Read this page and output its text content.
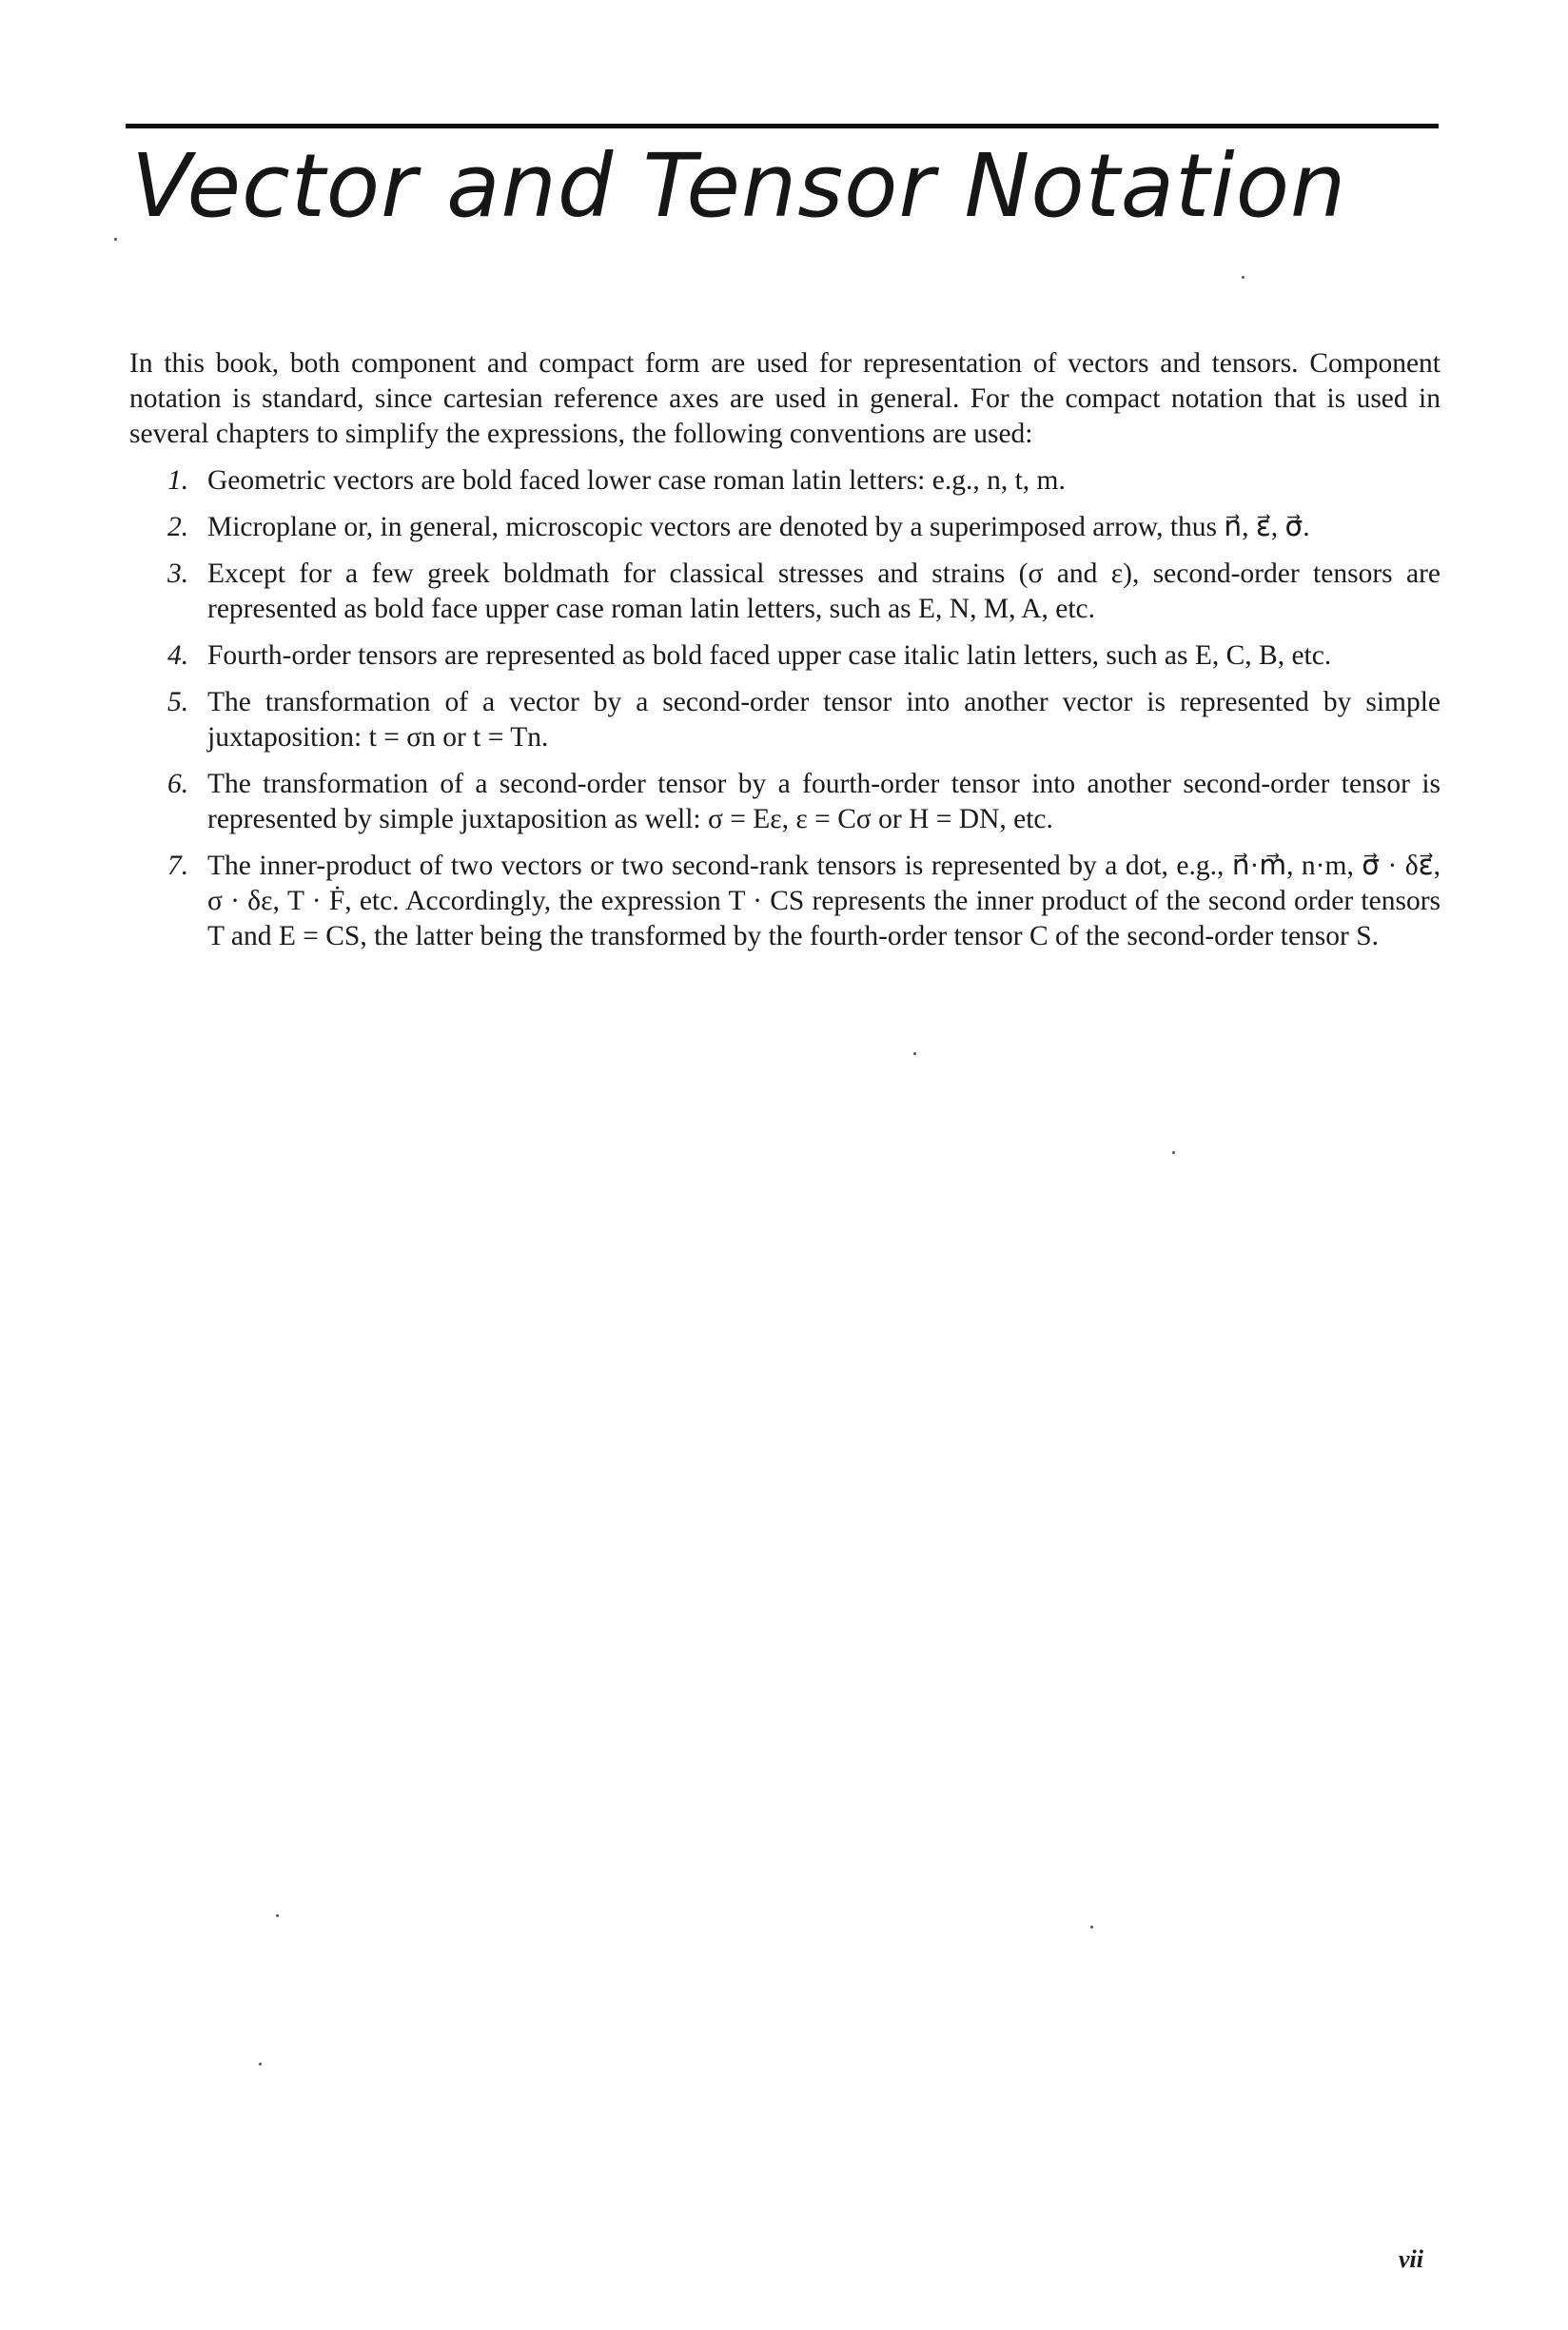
Vector and Tensor Notation

In this book, both component and compact form are used for representation of vectors and tensors. Component notation is standard, since cartesian reference axes are used in general. For the compact notation that is used in several chapters to simplify the expressions, the following conventions are used:

1. Geometric vectors are bold faced lower case roman latin letters: e.g., n, t, m.
2. Microplane or, in general, microscopic vectors are denoted by a superimposed arrow, thus n⃗, ε⃗, σ⃗.
3. Except for a few greek boldmath for classical stresses and strains (σ and ε), second-order tensors are represented as bold face upper case roman latin letters, such as E, N, M, A, etc.
4. Fourth-order tensors are represented as bold faced upper case italic latin letters, such as E, C, B, etc.
5. The transformation of a vector by a second-order tensor into another vector is represented by simple juxtaposition: t = σn or t = Tn.
6. The transformation of a second-order tensor by a fourth-order tensor into another second-order tensor is represented by simple juxtaposition as well: σ = Eε, ε = Cσ or H = DN, etc.
7. The inner-product of two vectors or two second-rank tensors is represented by a dot, e.g., n⃗·m⃗, n·m, σ⃗ · δε⃗, σ · δε, T · Ḟ, etc. Accordingly, the expression T · CS represents the inner product of the second order tensors T and E = CS, the latter being the transformed by the fourth-order tensor C of the second-order tensor S.
vii
